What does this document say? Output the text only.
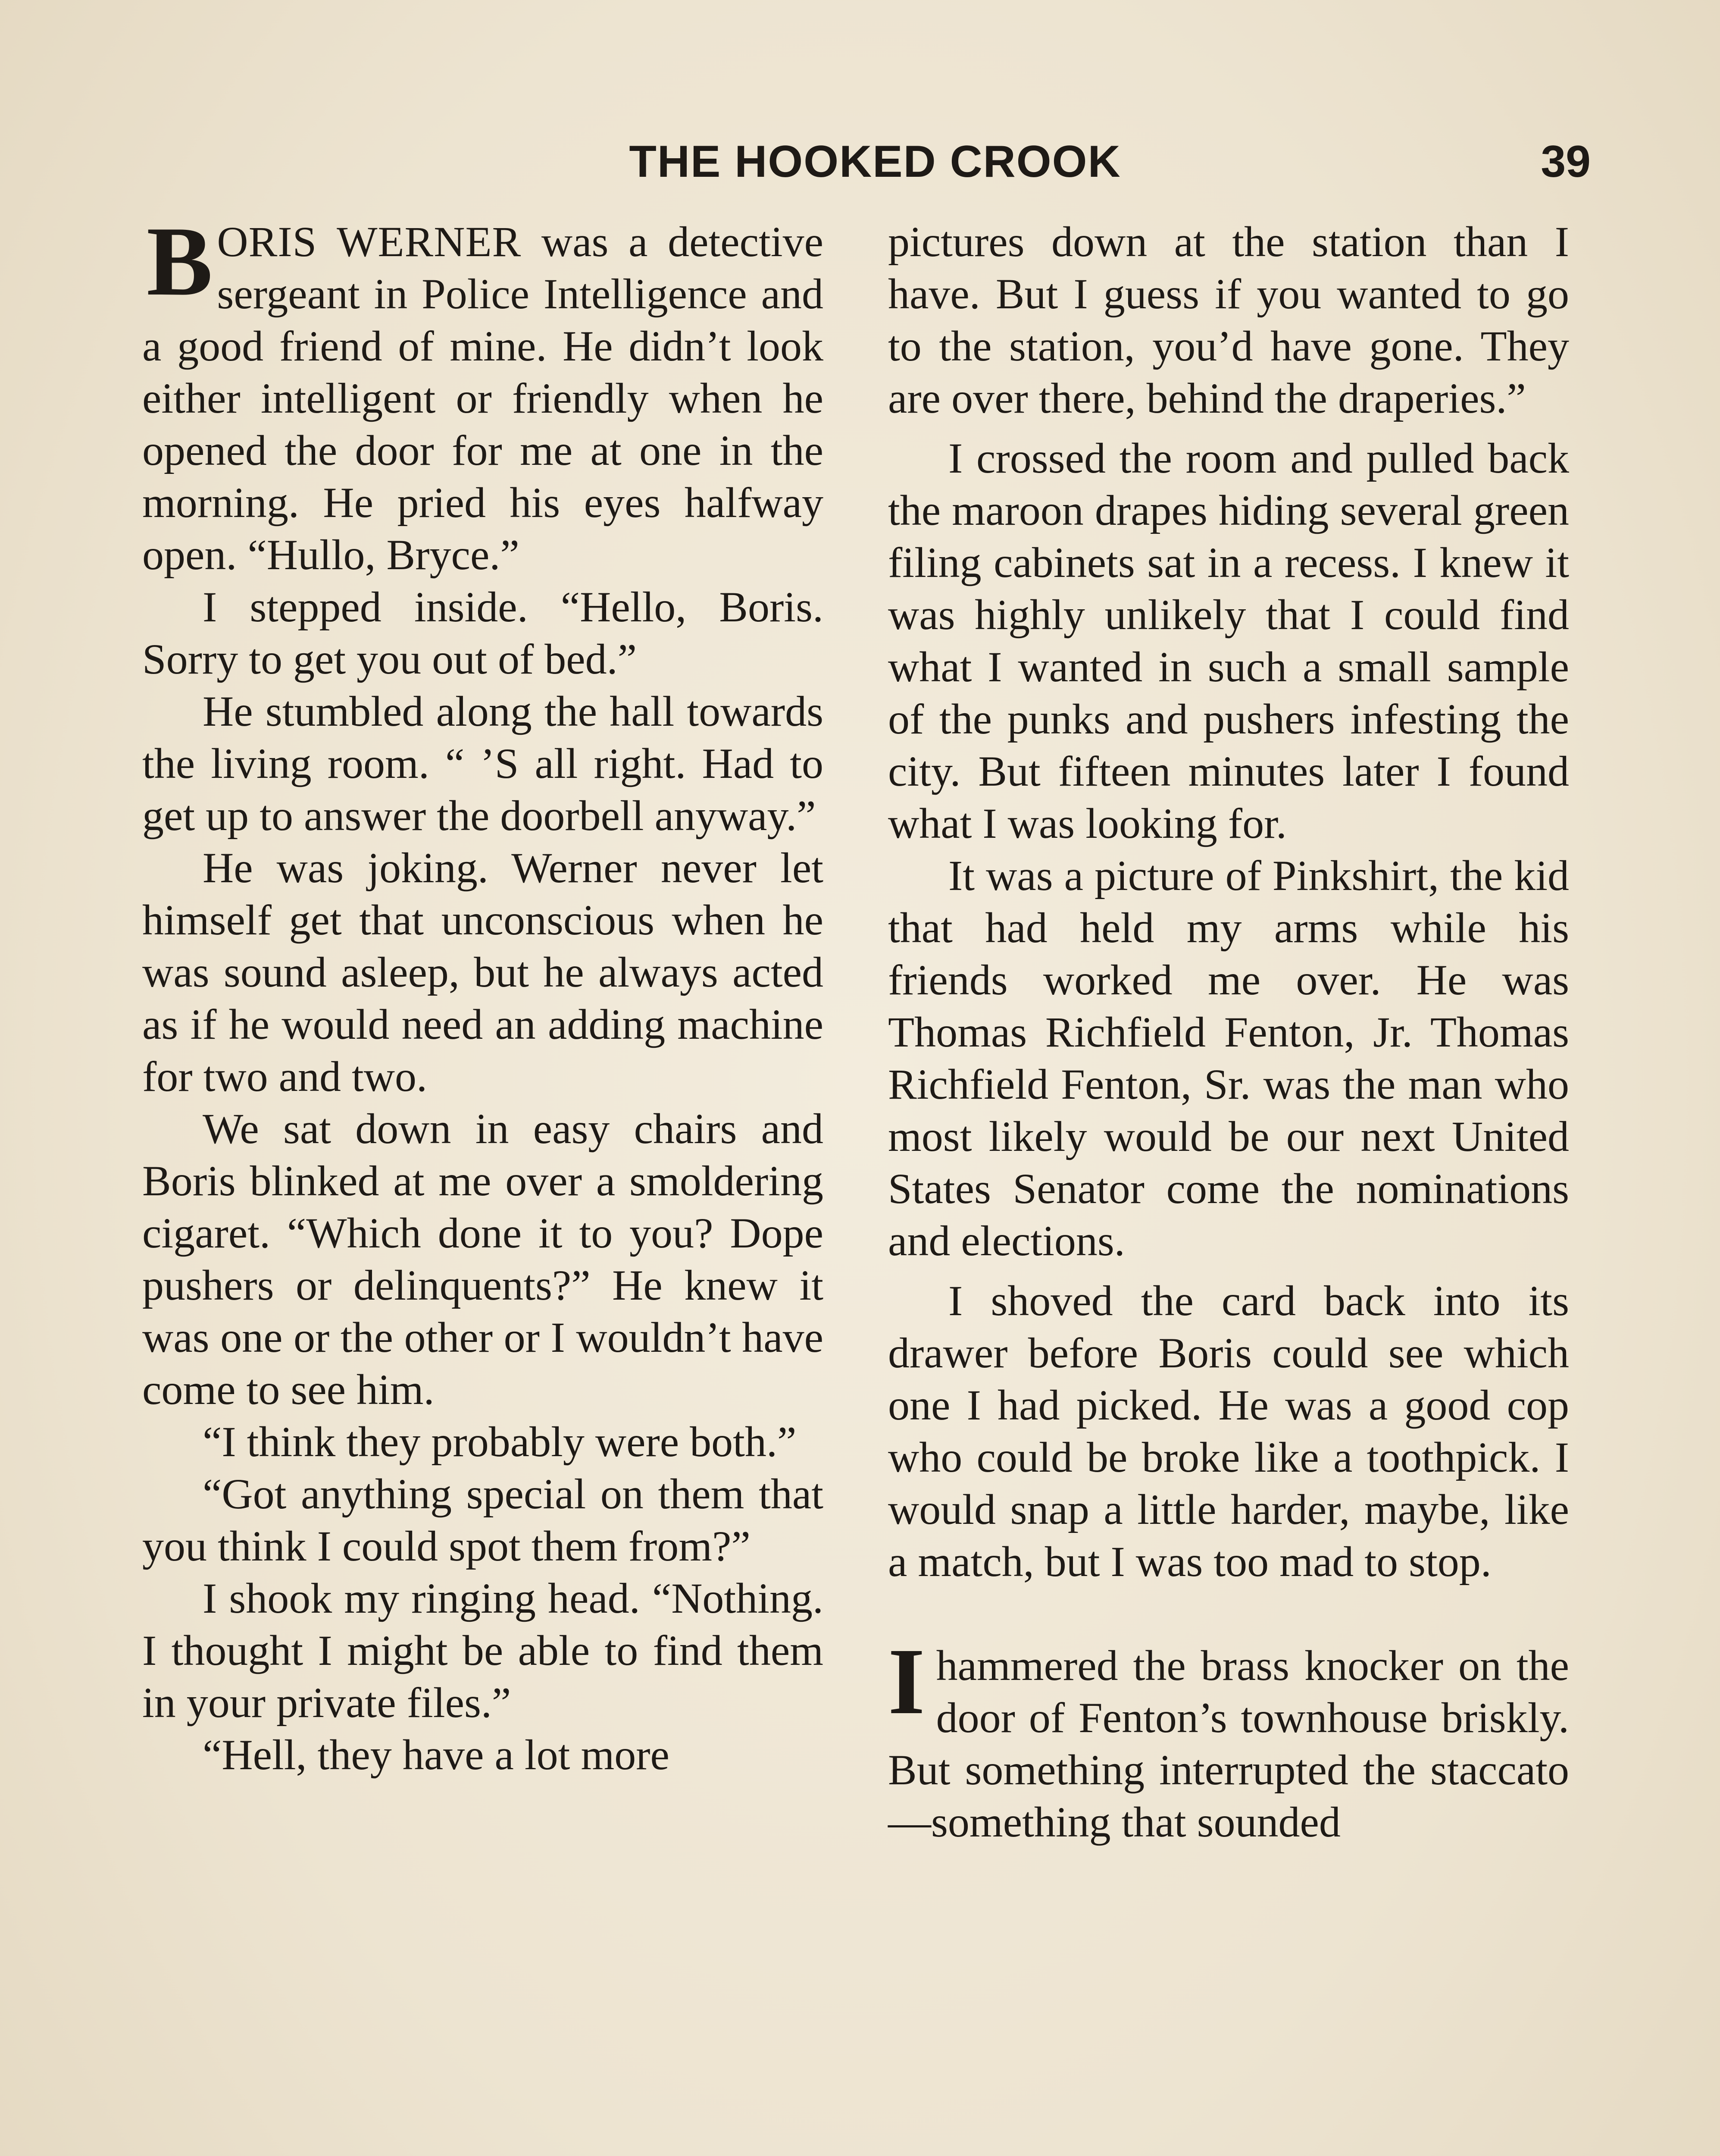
THE HOOKED CROOK	39

BORIS WERNER was a detective sergeant in Police Intelligence and a good friend of mine. He didn’t look either intelligent or friendly when he opened the door for me at one in the morning. He pried his eyes halfway open. “Hullo, Bryce.”

I stepped inside. “Hello, Boris. Sorry to get you out of bed.”

He stumbled along the hall towards the living room. “ ’S all right. Had to get up to answer the doorbell anyway.”

He was joking. Werner never let himself get that unconscious when he was sound asleep, but he always acted as if he would need an adding machine for two and two.

We sat down in easy chairs and Boris blinked at me over a smoldering cigaret. “Which done it to you? Dope pushers or delinquents?” He knew it was one or the other or I wouldn’t have come to see him.

“I think they probably were both.”

“Got anything special on them that you think I could spot them from?”

I shook my ringing head. “Nothing. I thought I might be able to find them in your private files.”

“Hell, they have a lot more

pictures down at the station than I have. But I guess if you wanted to go to the station, you’d have gone. They are over there, behind the draperies.”

I crossed the room and pulled back the maroon drapes hiding several green filing cabinets sat in a recess. I knew it was highly unlikely that I could find what I wanted in such a small sample of the punks and pushers infesting the city. But fifteen minutes later I found what I was looking for.

It was a picture of Pinkshirt, the kid that had held my arms while his friends worked me over. He was Thomas Richfield Fenton, Jr. Thomas Richfield Fenton, Sr. was the man who most likely would be our next United States Senator come the nominations and elections.

I shoved the card back into its drawer before Boris could see which one I had picked. He was a good cop who could be broke like a toothpick. I would snap a little harder, maybe, like a match, but I was too mad to stop.

Ihammered the brass knocker on the door of Fenton’s townhouse briskly. But something interrupted the staccato —something that sounded
